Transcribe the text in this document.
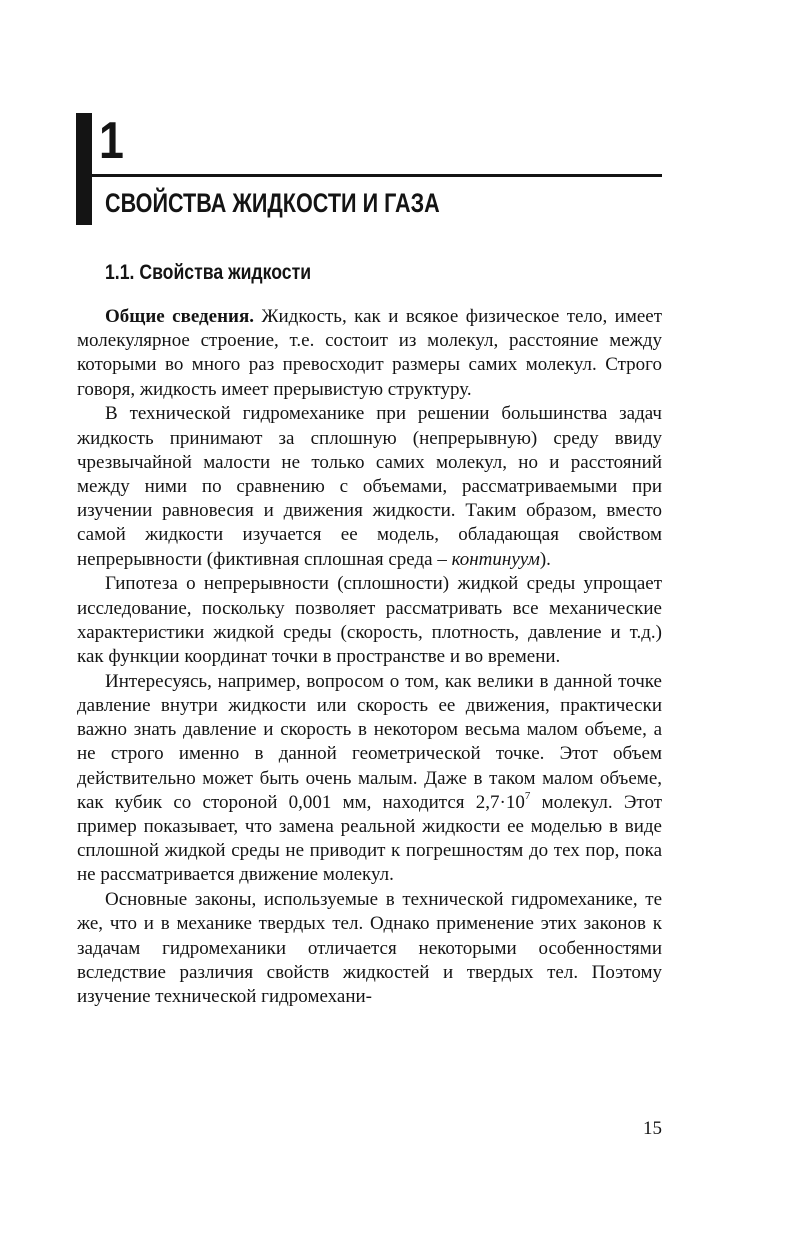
1
СВОЙСТВА ЖИДКОСТИ И ГАЗА
1.1. Свойства жидкости

Общие сведения. Жидкость, как и всякое физическое тело, имеет молекулярное строение, т.е. состоит из молекул, расстояние между которыми во много раз превосходит размеры самих молекул. Строго говоря, жидкость имеет прерывистую структуру.

В технической гидромеханике при решении большинства задач жидкость принимают за сплошную (непрерывную) среду ввиду чрезвычайной малости не только самих молекул, но и расстояний между ними по сравнению с объемами, рассматриваемыми при изучении равновесия и движения жидкости. Таким образом, вместо самой жидкости изучается ее модель, обладающая свойством непрерывности (фиктивная сплошная среда – континуум).

Гипотеза о непрерывности (сплошности) жидкой среды упрощает исследование, поскольку позволяет рассматривать все механические характеристики жидкой среды (скорость, плотность, давление и т.д.) как функции координат точки в пространстве и во времени.

Интересуясь, например, вопросом о том, как велики в данной точке давление внутри жидкости или скорость ее движения, практически важно знать давление и скорость в некотором весьма малом объеме, а не строго именно в данной геометрической точке. Этот объем действительно может быть очень малым. Даже в таком малом объеме, как кубик со стороной 0,001 мм, находится $2,7\cdot 10^7$ молекул. Этот пример показывает, что замена реальной жидкости ее моделью в виде сплошной жидкой среды не приводит к погрешностям до тех пор, пока не рассматривается движение молекул.

Основные законы, используемые в технической гидромеханике, те же, что и в механике твердых тел. Однако применение этих законов к задачам гидромеханики отличается некоторыми особенностями вследствие различия свойств жидкостей и твердых тел. Поэтому изучение технической гидромехани-

15
